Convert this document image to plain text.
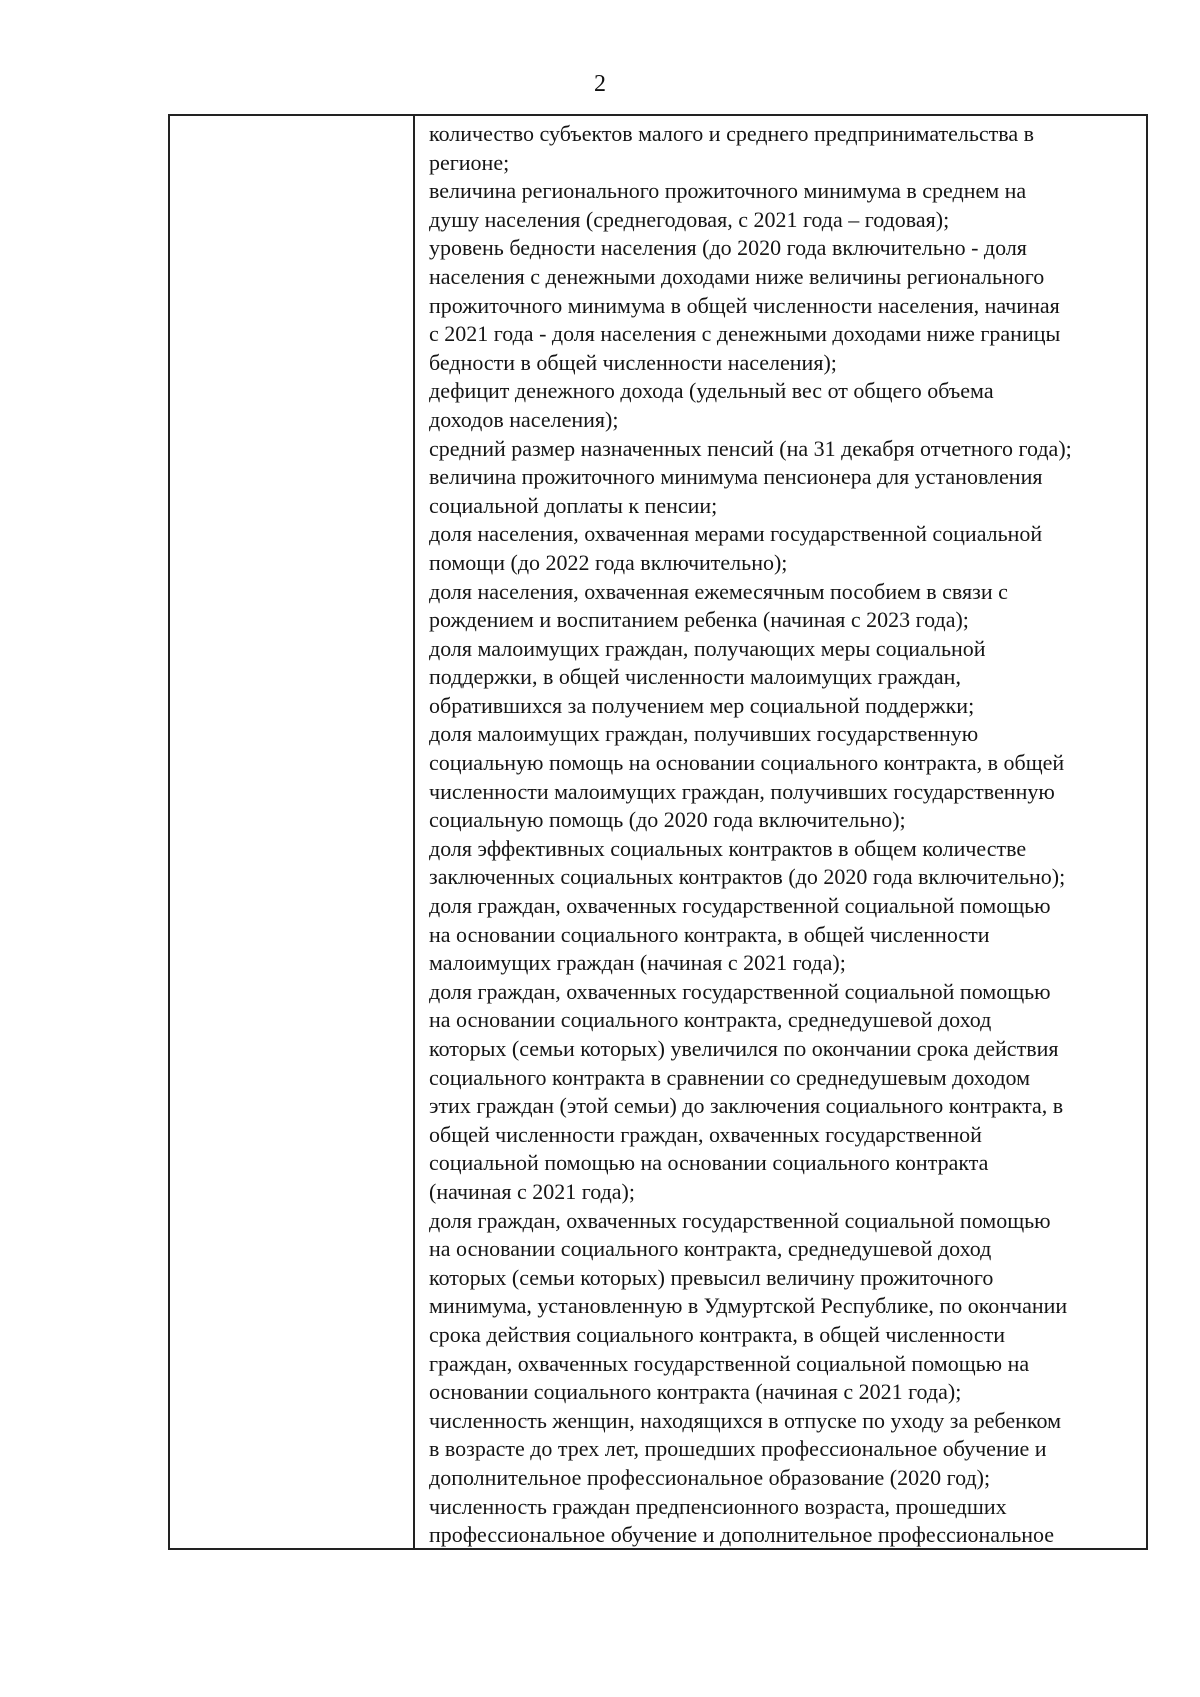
2
количество субъектов малого и среднего предпринимательства в
регионе;
величина регионального прожиточного минимума в среднем на
душу населения (среднегодовая, с 2021 года – годовая);
уровень бедности населения (до 2020 года включительно - доля
населения с денежными доходами ниже величины регионального
прожиточного минимума в общей численности населения, начиная
с 2021 года - доля населения с денежными доходами ниже границы
бедности в общей численности населения);
дефицит денежного дохода (удельный вес от общего объема
доходов населения);
средний размер назначенных пенсий (на 31 декабря отчетного года);
величина прожиточного минимума пенсионера для установления
социальной доплаты к пенсии;
доля населения, охваченная мерами государственной социальной
помощи (до 2022 года включительно);
доля населения, охваченная ежемесячным пособием в связи с
рождением и воспитанием ребенка (начиная с 2023 года);
доля малоимущих граждан, получающих меры социальной
поддержки, в общей численности малоимущих граждан,
обратившихся за получением мер социальной поддержки;
доля малоимущих граждан, получивших государственную
социальную помощь на основании социального контракта, в общей
численности малоимущих граждан, получивших государственную
социальную помощь (до 2020 года включительно);
доля эффективных социальных контрактов в общем количестве
заключенных социальных контрактов (до 2020 года включительно);
доля граждан, охваченных государственной социальной помощью
на основании социального контракта, в общей численности
малоимущих граждан (начиная с 2021 года);
доля граждан, охваченных государственной социальной помощью
на основании социального контракта, среднедушевой доход
которых (семьи которых) увеличился по окончании срока действия
социального контракта в сравнении со среднедушевым доходом
этих граждан (этой семьи) до заключения социального контракта, в
общей численности граждан, охваченных государственной
социальной помощью на основании социального контракта
(начиная с 2021 года);
доля граждан, охваченных государственной социальной помощью
на основании социального контракта, среднедушевой доход
которых (семьи которых) превысил величину прожиточного
минимума, установленную в Удмуртской Республике, по окончании
срока действия социального контракта, в общей численности
граждан, охваченных государственной социальной помощью на
основании социального контракта (начиная с 2021 года);
численность женщин, находящихся в отпуске по уходу за ребенком
в возрасте до трех лет, прошедших профессиональное обучение и
дополнительное профессиональное образование (2020 год);
численность граждан предпенсионного возраста, прошедших
профессиональное обучение и дополнительное профессиональное
